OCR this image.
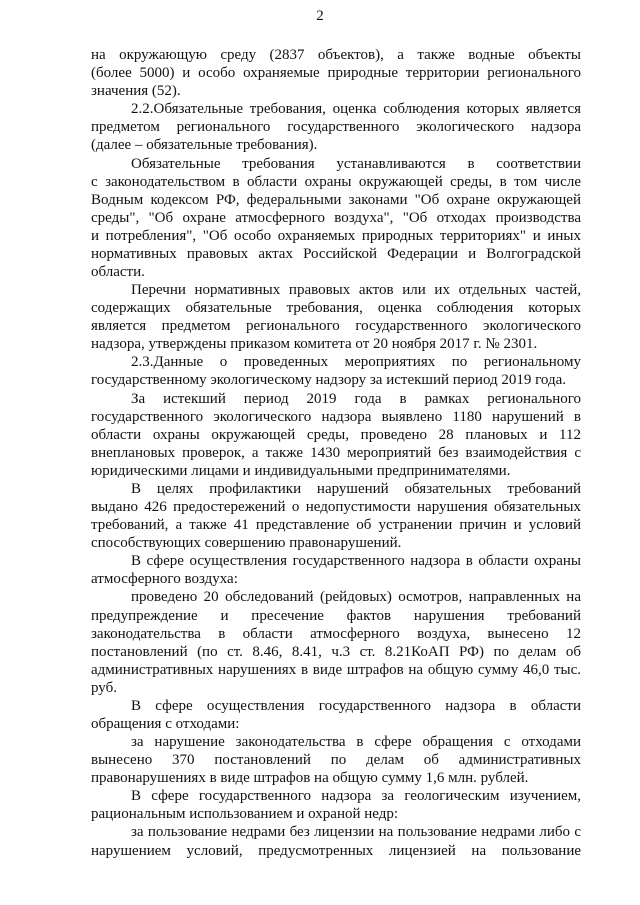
2
на окружающую среду (2837 объектов), а также водные объекты
(более 5000) и особо охраняемые природные территории регионального
значения (52).
2.2.Обязательные требования, оценка соблюдения которых является
предметом регионального государственного экологического надзора
(далее – обязательные требования).
Обязательные требования устанавливаются в соответствии
с законодательством в области охраны окружающей среды, в том числе
Водным кодексом РФ, федеральными законами "Об охране окружающей
среды", "Об охране атмосферного воздуха", "Об отходах производства
и потребления", "Об особо охраняемых природных территориях" и иных
нормативных правовых актах Российской Федерации и Волгоградской
области.
Перечни нормативных правовых актов или их отдельных частей,
содержащих обязательные требования, оценка соблюдения которых
является предметом регионального государственного экологического
надзора, утверждены приказом комитета от 20 ноября 2017 г. № 2301.
2.3.Данные о проведенных мероприятиях по региональному
государственному экологическому надзору за истекший период 2019 года.
За истекший период 2019 года в рамках регионального
государственного экологического надзора выявлено 1180 нарушений в
области охраны окружающей среды, проведено 28 плановых и 112
внеплановых проверок, а также 1430 мероприятий без взаимодействия с
юридическими лицами и индивидуальными предпринимателями.
В целях профилактики нарушений обязательных требований
выдано 426 предостережений о недопустимости нарушения обязательных
требований, а также 41 представление об устранении причин и условий
способствующих совершению правонарушений.
В сфере осуществления государственного надзора в области охраны
атмосферного воздуха:
проведено 20 обследований (рейдовых) осмотров, направленных на
предупреждение и пресечение фактов нарушения требований
законодательства в области атмосферного воздуха, вынесено 12
постановлений (по ст. 8.46, 8.41, ч.3 ст. 8.21КоАП РФ) по делам об
административных нарушениях в виде штрафов на общую сумму 46,0 тыс.
руб.
В сфере осуществления государственного надзора в области
обращения с отходами:
за нарушение законодательства в сфере обращения с отходами
вынесено 370 постановлений по делам об административных
правонарушениях в виде штрафов на общую сумму 1,6 млн. рублей.
В сфере государственного надзора за геологическим изучением,
рациональным использованием и охраной недр:
за пользование недрами без лицензии на пользование недрами либо с
нарушением условий, предусмотренных лицензией на пользование
